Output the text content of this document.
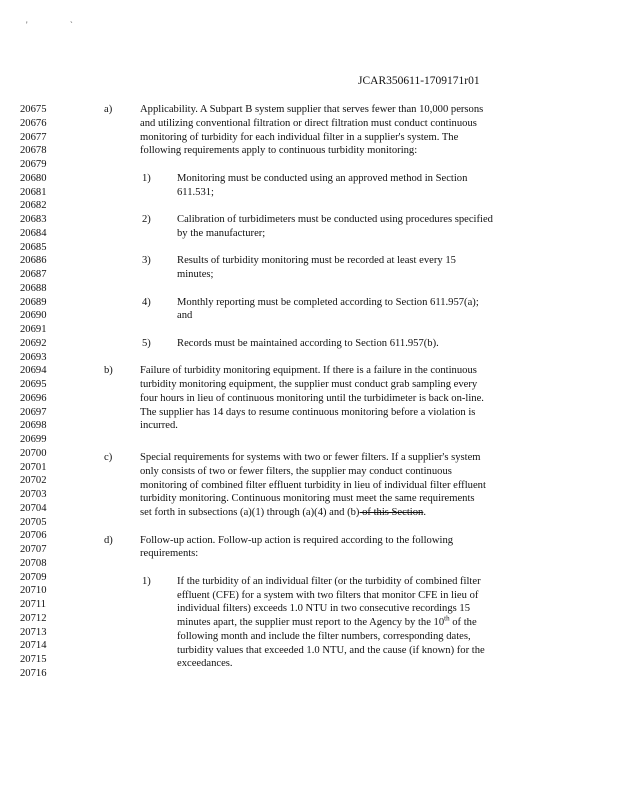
' `
JCAR350611-1709171r01
20675
20676
20677
20678
20679
20680
20681
20682
20683
20684
20685
20686
20687
20688
20689
20690
20691
20692
20693
20694
20695
20696
20697
20698
20699
20700
20701
20702
20703
20704
20705
20706
20707
20708
20709
20710
20711
20712
20713
20714
20715
20716
a)	Applicability. A Subpart B system supplier that serves fewer than 10,000 persons
and utilizing conventional filtration or direct filtration must conduct continuous
monitoring of turbidity for each individual filter in a supplier's system. The
following requirements apply to continuous turbidity monitoring:
1) Monitoring must be conducted using an approved method in Section
611.531;
2) Calibration of turbidimeters must be conducted using procedures specified
by the manufacturer;
3) Results of turbidity monitoring must be recorded at least every 15
minutes;
4) Monthly reporting must be completed according to Section 611.957(a);
and
5) Records must be maintained according to Section 611.957(b).
b)	Failure of turbidity monitoring equipment. If there is a failure in the continuous
turbidity monitoring equipment, the supplier must conduct grab sampling every
four hours in lieu of continuous monitoring until the turbidimeter is back on-line.
The supplier has 14 days to resume continuous monitoring before a violation is
incurred.
c)	Special requirements for systems with two or fewer filters. If a supplier's system
only consists of two or fewer filters, the supplier may conduct continuous
monitoring of combined filter effluent turbidity in lieu of individual filter effluent
turbidity monitoring. Continuous monitoring must meet the same requirements
set forth in subsections (a)(1) through (a)(4) and (b) of this Section.
d)	Follow-up action. Follow-up action is required according to the following
requirements:
1) If the turbidity of an individual filter (or the turbidity of combined filter
effluent (CFE) for a system with two filters that monitor CFE in lieu of
individual filters) exceeds 1.0 NTU in two consecutive recordings 15
minutes apart, the supplier must report to the Agency by the 10th of the
following month and include the filter numbers, corresponding dates,
turbidity values that exceeded 1.0 NTU, and the cause (if known) for the
exceedances.
